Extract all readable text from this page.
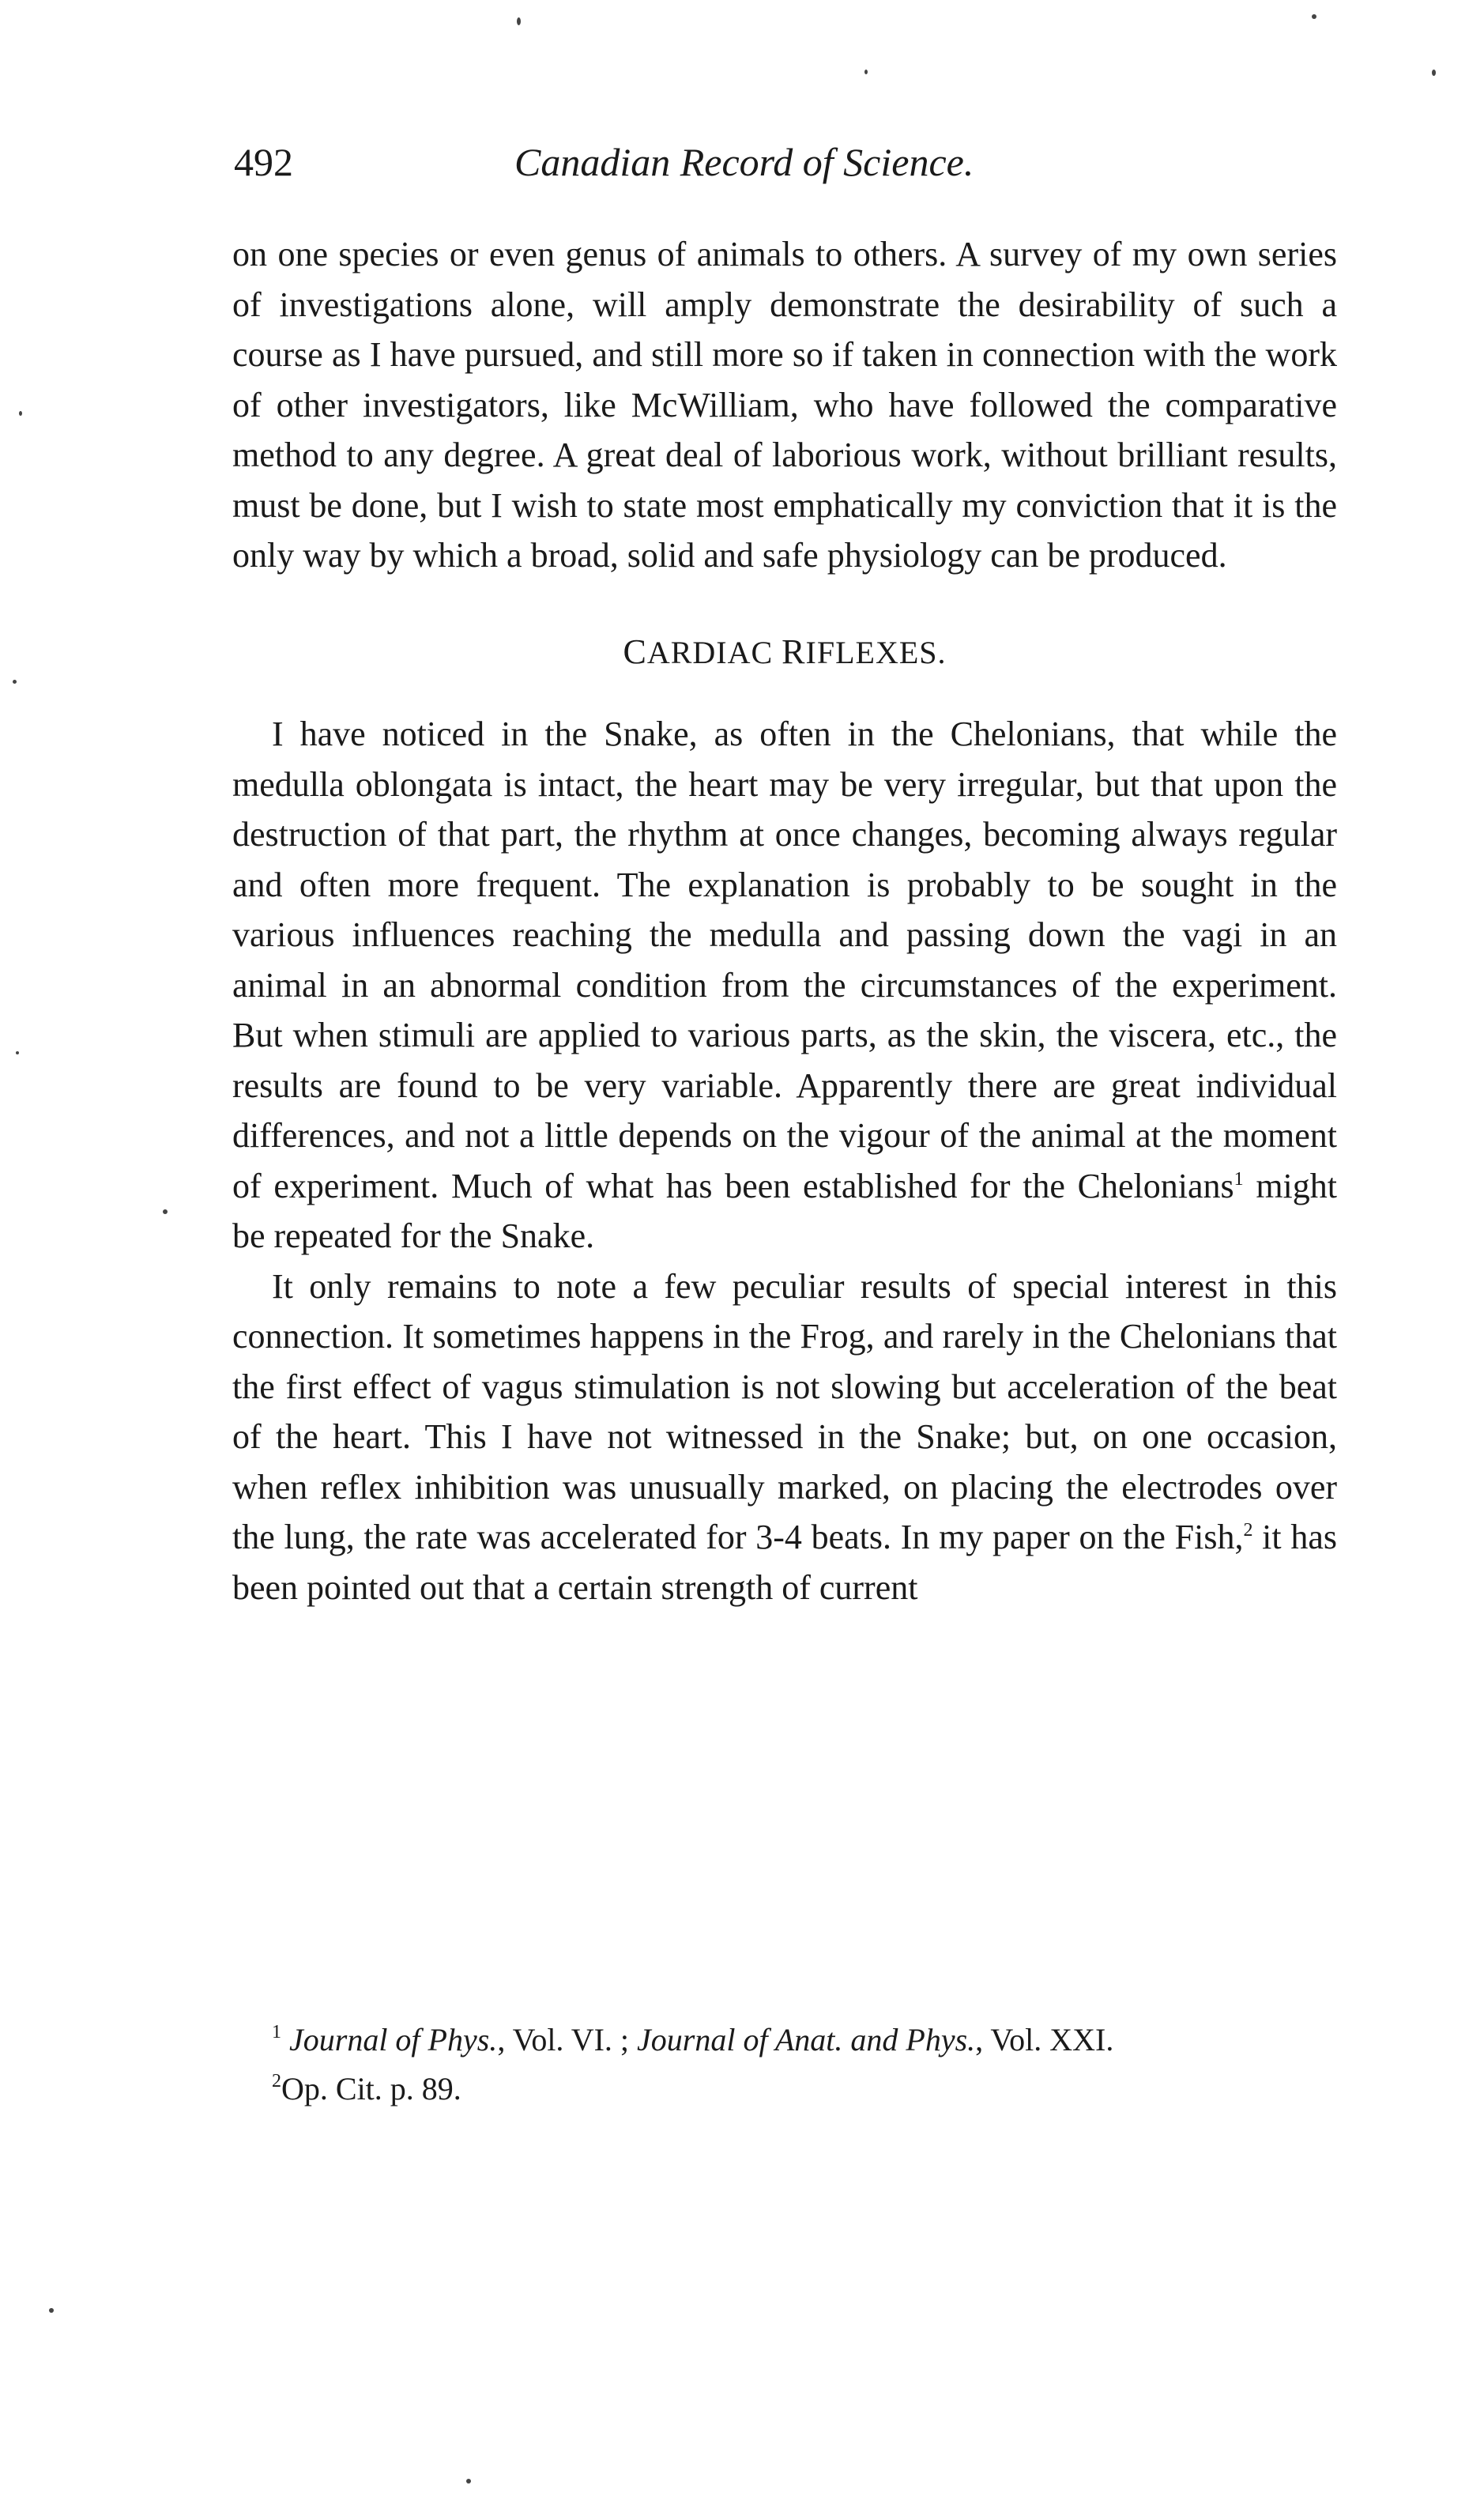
492	Canadian Record of Science.

on one species or even genus of animals to others. A survey of my own series of investigations alone, will amply demonstrate the desirability of such a course as I have pursued, and still more so if taken in connection with the work of other investigators, like McWilliam, who have followed the comparative method to any degree. A great deal of laborious work, without brilliant results, must be done, but I wish to state most emphatically my conviction that it is the only way by which a broad, solid and safe physiology can be produced.

CARDIAC RIFLEXES.

I have noticed in the Snake, as often in the Chelonians, that while the medulla oblongata is intact, the heart may be very irregular, but that upon the destruction of that part, the rhythm at once changes, becoming always regular and often more frequent. The explanation is probably to be sought in the various influences reaching the medulla and passing down the vagi in an animal in an abnormal condition from the circumstances of the experiment. But when stimuli are applied to various parts, as the skin, the viscera, etc., the results are found to be very variable. Apparently there are great individual differences, and not a little depends on the vigour of the animal at the moment of experiment. Much of what has been established for the Chelonians$^1$ might be repeated for the Snake.

It only remains to note a few peculiar results of special interest in this connection. It sometimes happens in the Frog, and rarely in the Chelonians that the first effect of vagus stimulation is not slowing but acceleration of the beat of the heart. This I have not witnessed in the Snake; but, on one occasion, when reflex inhibition was unusually marked, on placing the electrodes over the lung, the rate was accelerated for 3-4 beats. In my paper on the Fish,$^2$ it has been pointed out that a certain strength of current

$^1$ Journal of Phys., Vol. VI. ; Journal of Anat. and Phys., Vol. XXI.

$^2$Op. Cit. p. 89.
